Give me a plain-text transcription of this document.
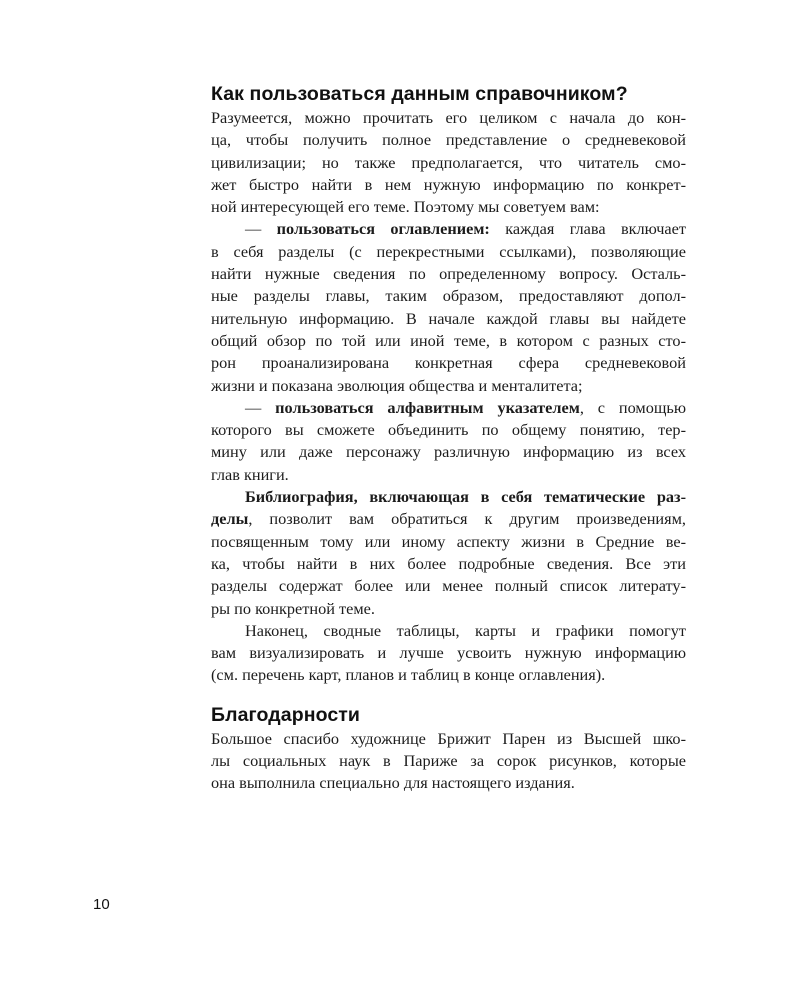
Как пользоваться данным справочником?

Разумеется, можно прочитать его целиком с начала до кон-
ца, чтобы получить полное представление о средневековой
цивилизации; но также предполагается, что читатель смо-
жет быстро найти в нем нужную информацию по конкрет-
ной интересующей его теме. Поэтому мы советуем вам:

— пользоваться оглавлением: каждая глава включает
в себя разделы (с перекрестными ссылками), позволяющие
найти нужные сведения по определенному вопросу. Осталь-
ные разделы главы, таким образом, предоставляют допол-
нительную информацию. В начале каждой главы вы найдете
общий обзор по той или иной теме, в котором с разных сто-
рон проанализирована конкретная сфера средневековой
жизни и показана эволюция общества и менталитета;

— пользоваться алфавитным указателем, с помощью
которого вы сможете объединить по общему понятию, тер-
мину или даже персонажу различную информацию из всех
глав книги.

Библиография, включающая в себя тематические раз-
делы, позволит вам обратиться к другим произведениям,
посвященным тому или иному аспекту жизни в Средние ве-
ка, чтобы найти в них более подробные сведения. Все эти
разделы содержат более или менее полный список литерату-
ры по конкретной теме.

Наконец, сводные таблицы, карты и графики помогут
вам визуализировать и лучше усвоить нужную информацию
(см. перечень карт, планов и таблиц в конце оглавления).

Благодарности

Большое спасибо художнице Брижит Парен из Высшей шко-
лы социальных наук в Париже за сорок рисунков, которые
она выполнила специально для настоящего издания.

10
